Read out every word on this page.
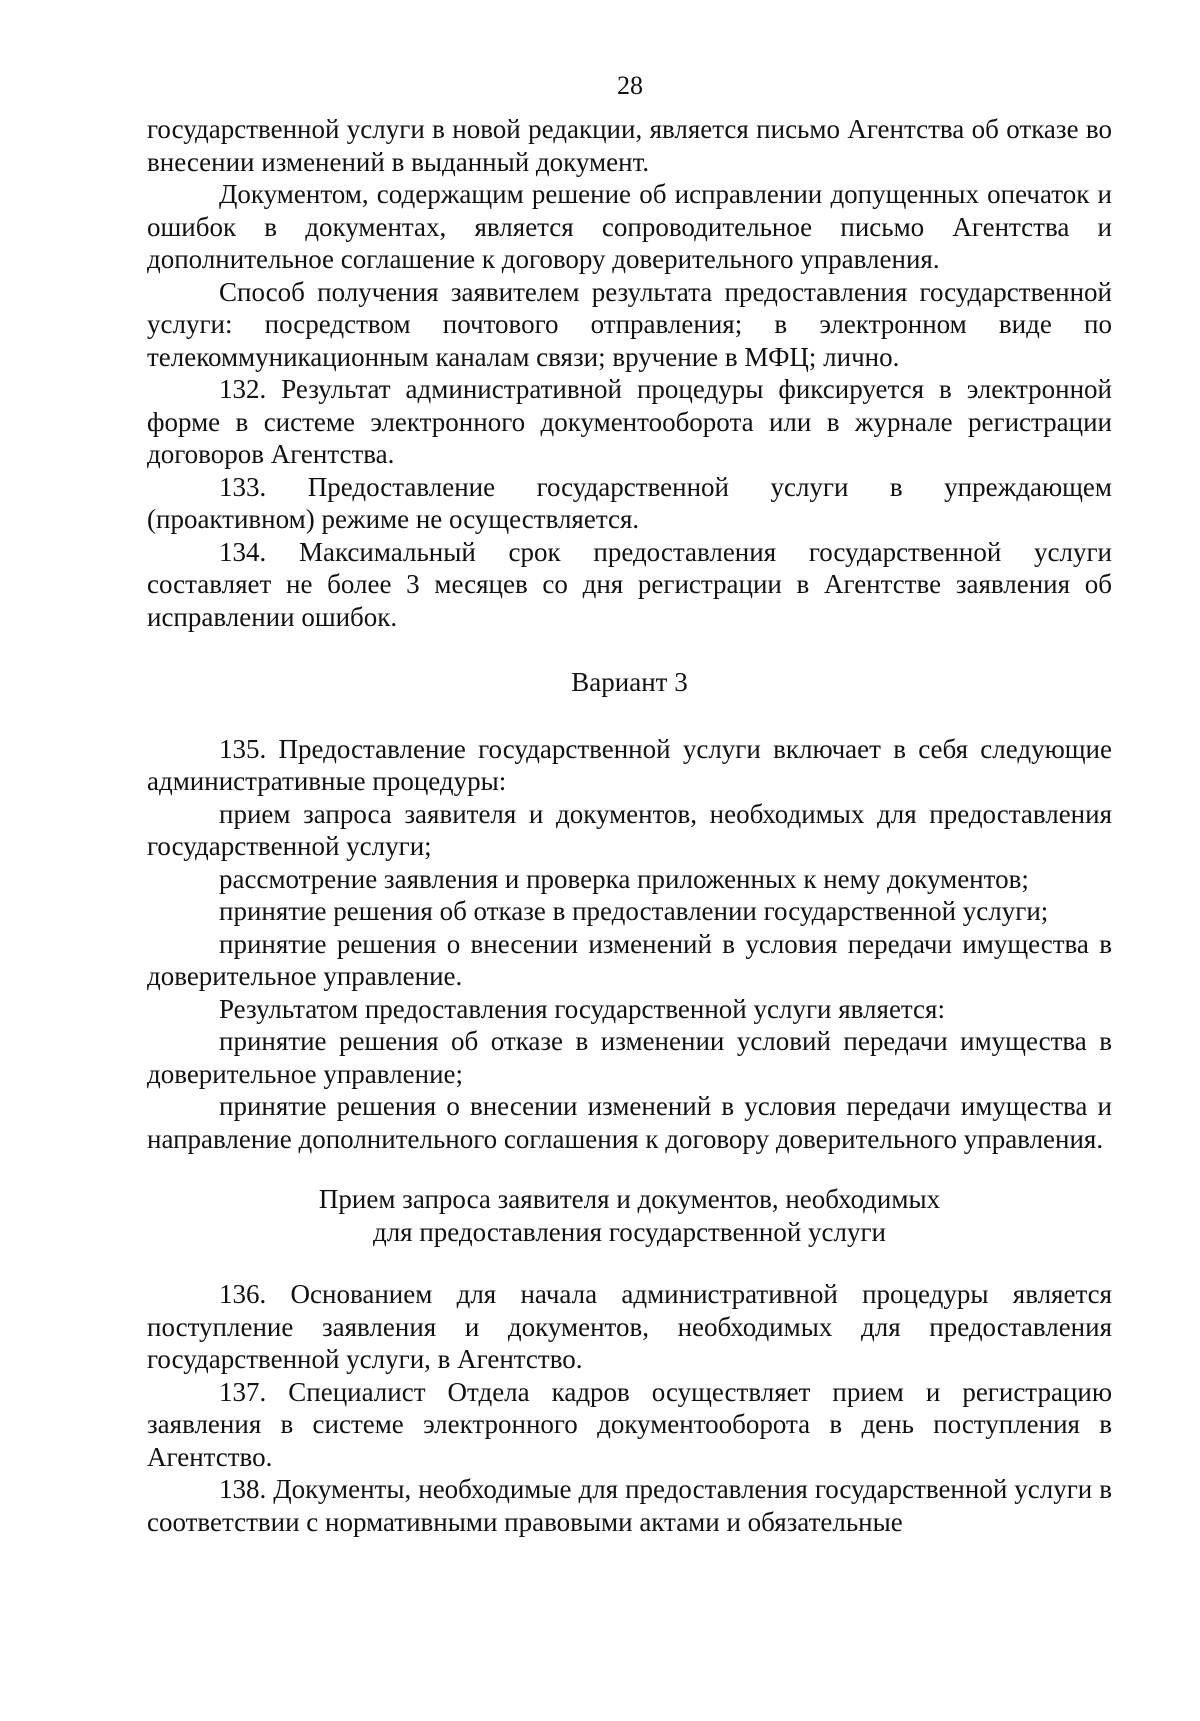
28

государственной услуги в новой редакции, является письмо Агентства об отказе во внесении изменений в выданный документ.

Документом, содержащим решение об исправлении допущенных опечаток и ошибок в документах, является сопроводительное письмо Агентства и дополнительное соглашение к договору доверительного управления.

Способ получения заявителем результата предоставления государственной услуги: посредством почтового отправления; в электронном виде по телекоммуникационным каналам связи; вручение в МФЦ; лично.

132. Результат административной процедуры фиксируется в электронной форме в системе электронного документооборота или в журнале регистрации договоров Агентства.

133. Предоставление государственной услуги в упреждающем (проактивном) режиме не осуществляется.

134. Максимальный срок предоставления государственной услуги составляет не более 3 месяцев со дня регистрации в Агентстве заявления об исправлении ошибок.

Вариант 3

135. Предоставление государственной услуги включает в себя следующие административные процедуры:

прием запроса заявителя и документов, необходимых для предоставления государственной услуги;

рассмотрение заявления и проверка приложенных к нему документов;

принятие решения об отказе в предоставлении государственной услуги;

принятие решения о внесении изменений в условия передачи имущества в доверительное управление.

Результатом предоставления государственной услуги является:

принятие решения об отказе в изменении условий передачи имущества в доверительное управление;

принятие решения о внесении изменений в условия передачи имущества и направление дополнительного соглашения к договору доверительного управления.

Прием запроса заявителя и документов, необходимых
для предоставления государственной услуги

136. Основанием для начала административной процедуры является поступление заявления и документов, необходимых для предоставления государственной услуги, в Агентство.

137. Специалист Отдела кадров осуществляет прием и регистрацию заявления в системе электронного документооборота в день поступления в Агентство.

138. Документы, необходимые для предоставления государственной услуги в соответствии с нормативными правовыми актами и обязательные
